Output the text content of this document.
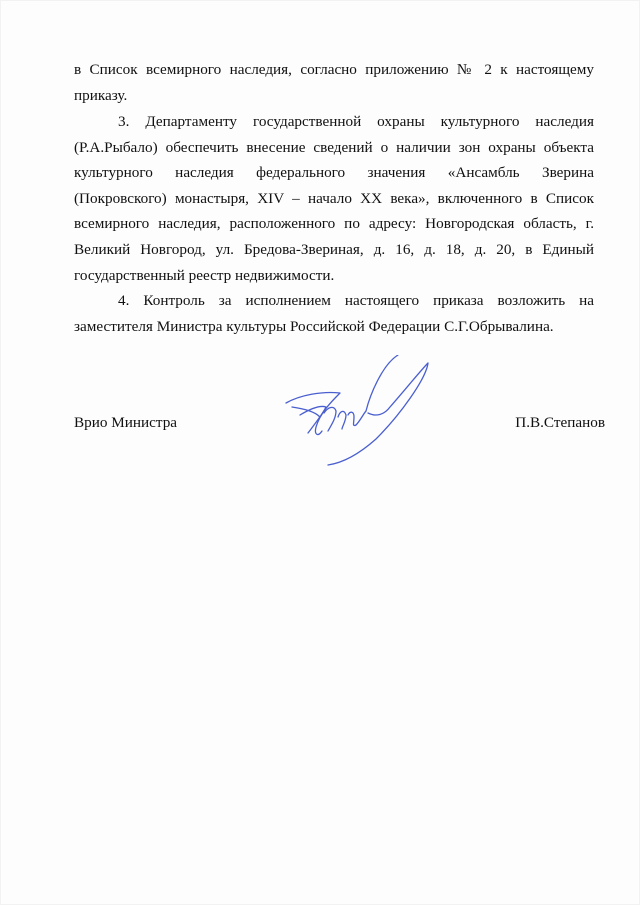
в Список всемирного наследия, согласно приложению № 2 к настоящему приказу.

3. Департаменту государственной охраны культурного наследия (Р.А.Рыбало) обеспечить внесение сведений о наличии зон охраны объекта культурного наследия федерального значения «Ансамбль Зверина (Покровского) монастыря, XIV – начало XX века», включенного в Список всемирного наследия, расположенного по адресу: Новгородская область, г. Великий Новгород, ул. Бредова-Звериная, д. 16, д. 18, д. 20, в Единый государственный реестр недвижимости.

4. Контроль за исполнением настоящего приказа возложить на заместителя Министра культуры Российской Федерации С.Г.Обрывалина.

Врио Министра	П.В.Степанов
